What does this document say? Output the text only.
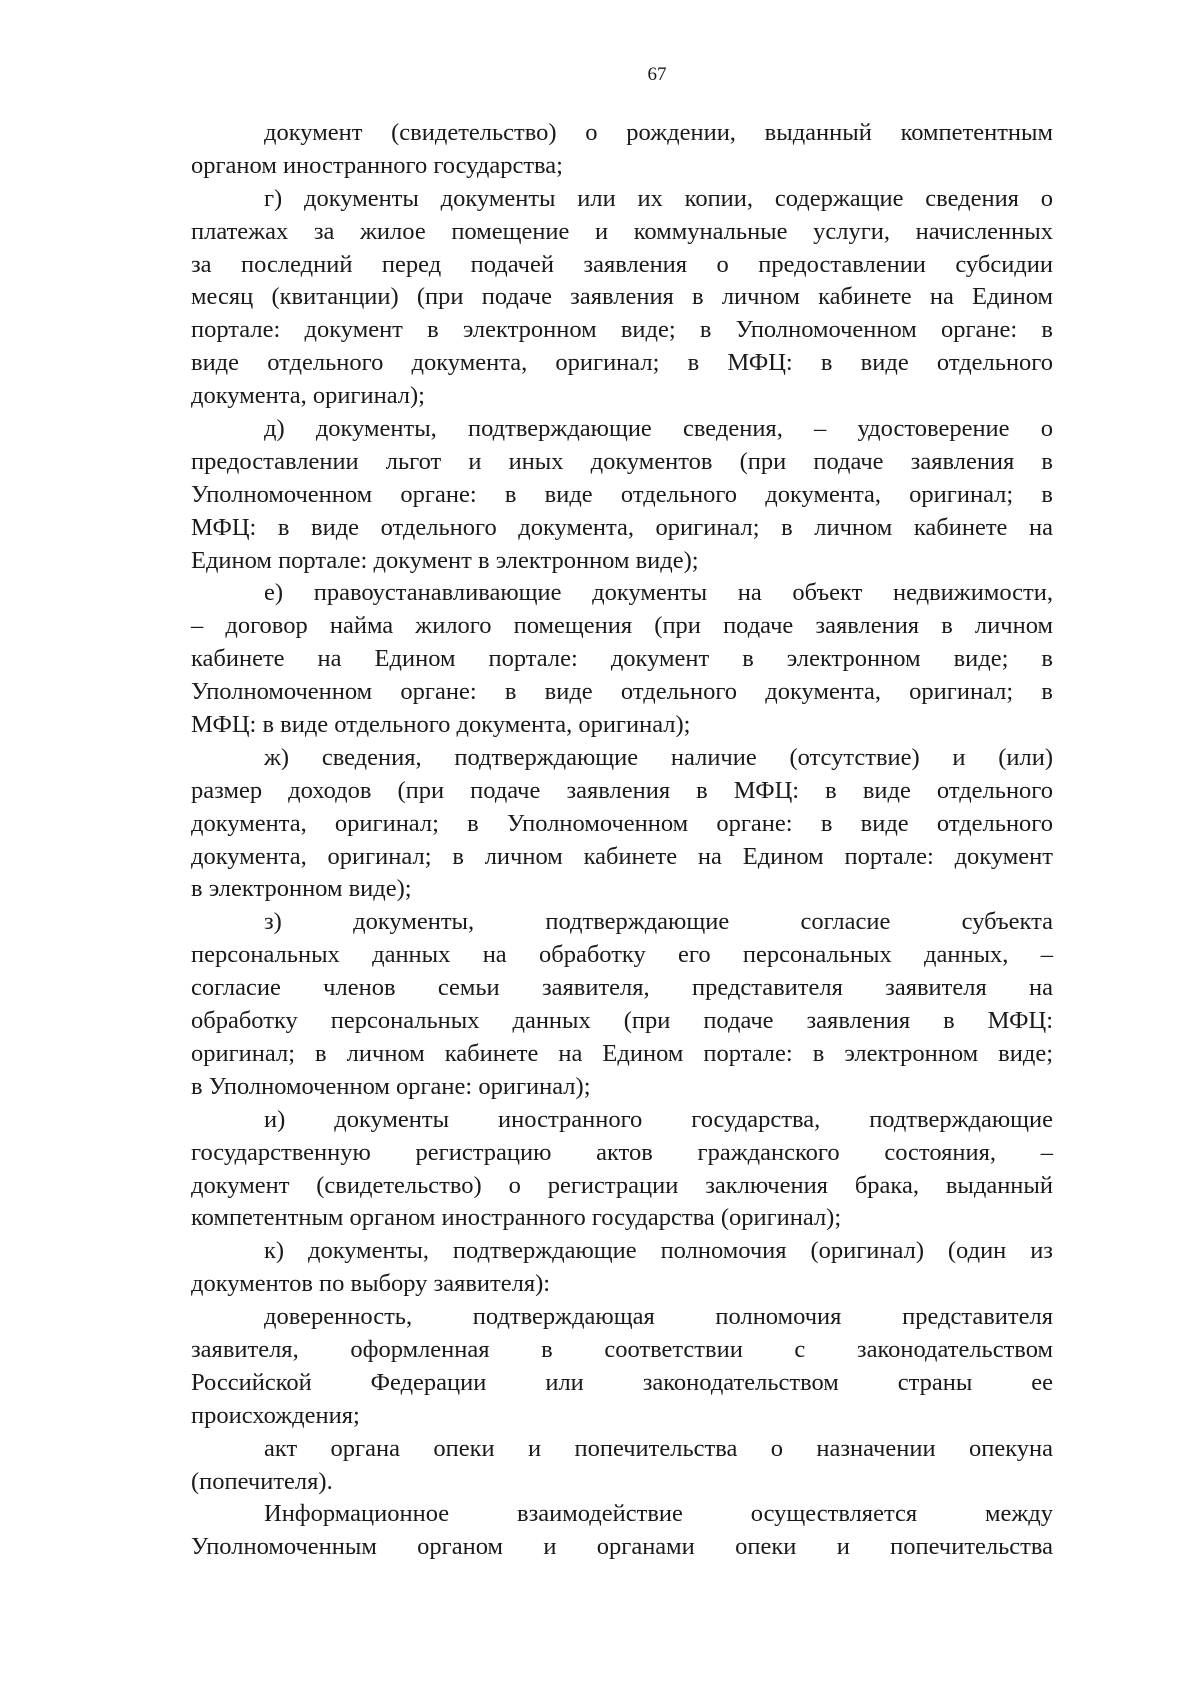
67
документ (свидетельство) о рождении, выданный компетентным
органом иностранного государства;
г) документы документы или их копии, содержащие сведения о
платежах за жилое помещение и коммунальные услуги, начисленных
за последний перед подачей заявления о предоставлении субсидии
месяц (квитанции) (при подаче заявления в личном кабинете на Едином
портале: документ в электронном виде; в Уполномоченном органе: в
виде отдельного документа, оригинал; в МФЦ: в виде отдельного
документа, оригинал);
д) документы, подтверждающие сведения, – удостоверение о
предоставлении льгот и иных документов (при подаче заявления в
Уполномоченном органе: в виде отдельного документа, оригинал; в
МФЦ: в виде отдельного документа, оригинал; в личном кабинете на
Едином портале: документ в электронном виде);
е) правоустанавливающие документы на объект недвижимости,
– договор найма жилого помещения (при подаче заявления в личном
кабинете на Едином портале: документ в электронном виде; в
Уполномоченном органе: в виде отдельного документа, оригинал; в
МФЦ: в виде отдельного документа, оригинал);
ж) сведения, подтверждающие наличие (отсутствие) и (или)
размер доходов (при подаче заявления в МФЦ: в виде отдельного
документа, оригинал; в Уполномоченном органе: в виде отдельного
документа, оригинал; в личном кабинете на Едином портале: документ
в электронном виде);
з) документы, подтверждающие согласие субъекта
персональных данных на обработку его персональных данных, –
согласие членов семьи заявителя, представителя заявителя на
обработку персональных данных (при подаче заявления в МФЦ:
оригинал; в личном кабинете на Едином портале: в электронном виде;
в Уполномоченном органе: оригинал);
и) документы иностранного государства, подтверждающие
государственную регистрацию актов гражданского состояния, –
документ (свидетельство) о регистрации заключения брака, выданный
компетентным органом иностранного государства (оригинал);
к) документы, подтверждающие полномочия (оригинал) (один из
документов по выбору заявителя):
доверенность, подтверждающая полномочия представителя
заявителя, оформленная в соответствии с законодательством
Российской Федерации или законодательством страны ее
происхождения;
акт органа опеки и попечительства о назначении опекуна
(попечителя).
Информационное взаимодействие осуществляется между
Уполномоченным органом и органами опеки и попечительства
